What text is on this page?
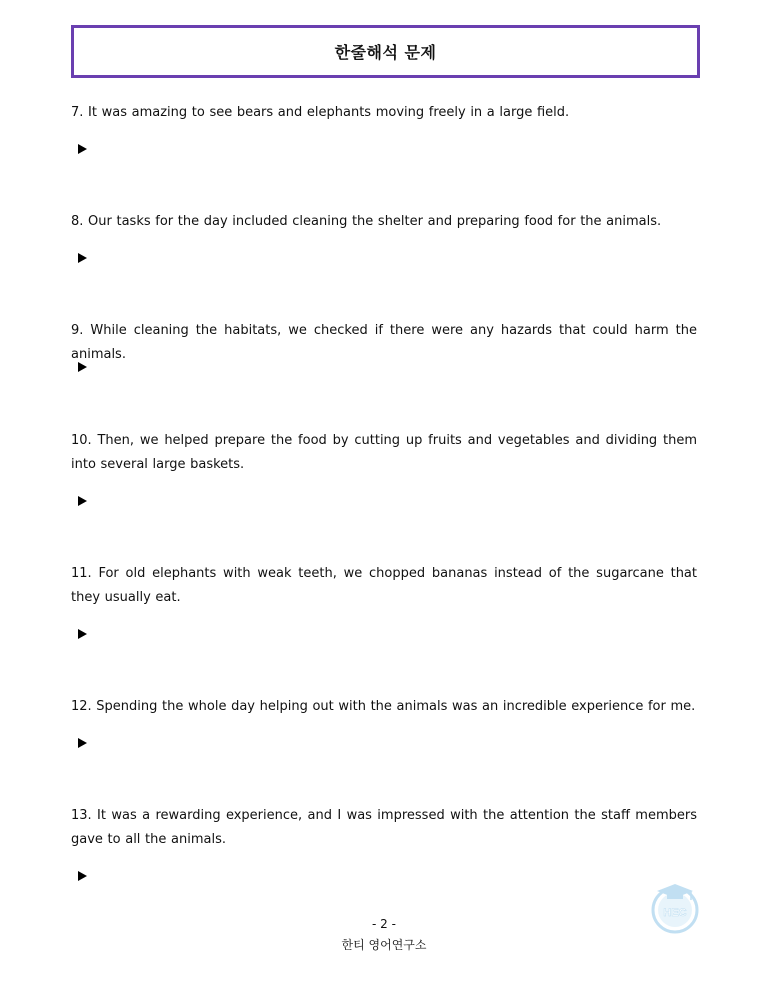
한줄해석 문제
7. It was amazing to see bears and elephants moving freely in a large field.
8. Our tasks for the day included cleaning the shelter and preparing food for the animals.
9. While cleaning the habitats, we checked if there were any hazards that could harm the animals.
10. Then, we helped prepare the food by cutting up fruits and vegetables and dividing them into several large baskets.
11. For old elephants with weak teeth, we chopped bananas instead of the sugarcane that they usually eat.
12. Spending the whole day helping out with the animals was an incredible experience for me.
13. It was a rewarding experience, and I was impressed with the attention the staff members gave to all the animals.
- 2 -
한티 영어연구소
HEC
